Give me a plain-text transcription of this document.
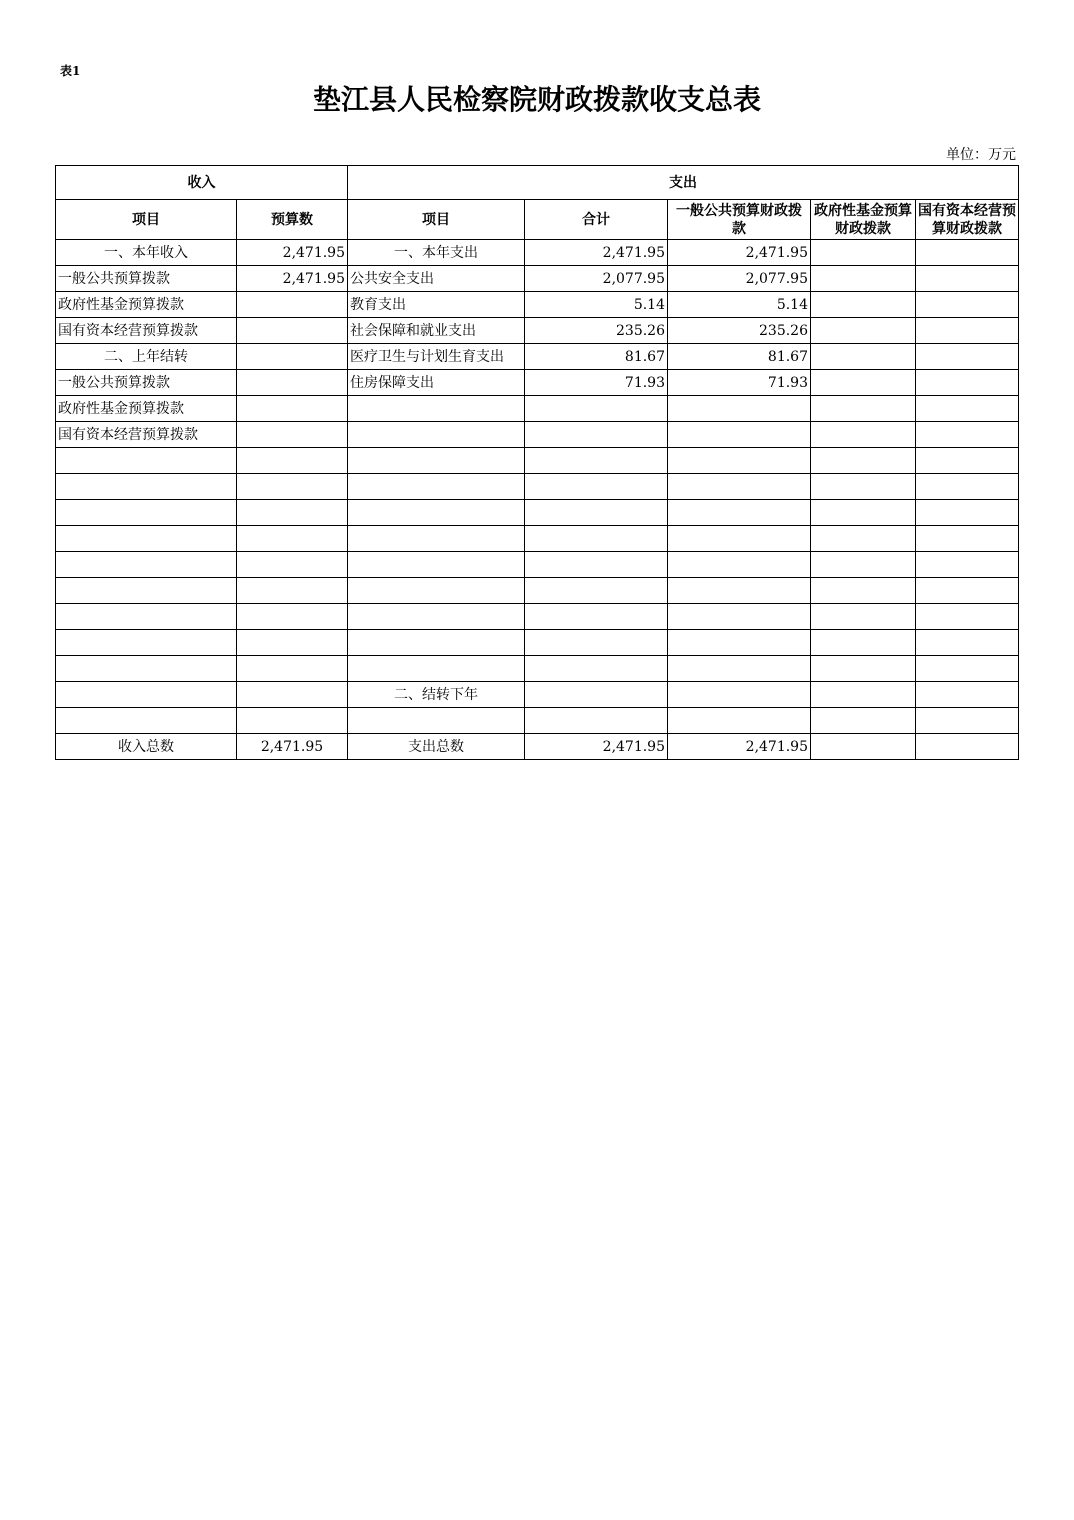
表1
垫江县人民检察院财政拨款收支总表
单位：万元
收入		支出				
项目	预算数	项目	合计	一般公共预算财政拨款	政府性基金预算财政拨款	国有资本经营预算财政拨款
一、本年收入	2,471.95	一、本年支出	2,471.95	2,471.95		
一般公共预算拨款	2,471.95	公共安全支出	2,077.95	2,077.95		
政府性基金预算拨款		教育支出	5.14	5.14		
国有资本经营预算拨款		社会保障和就业支出	235.26	235.26		
二、上年结转		医疗卫生与计划生育支出	81.67	81.67		
一般公共预算拨款		住房保障支出	71.93	71.93		
政府性基金预算拨款						
国有资本经营预算拨款						

		二、结转下年				

收入总数	2,471.95	支出总数	2,471.95	2,471.95		
